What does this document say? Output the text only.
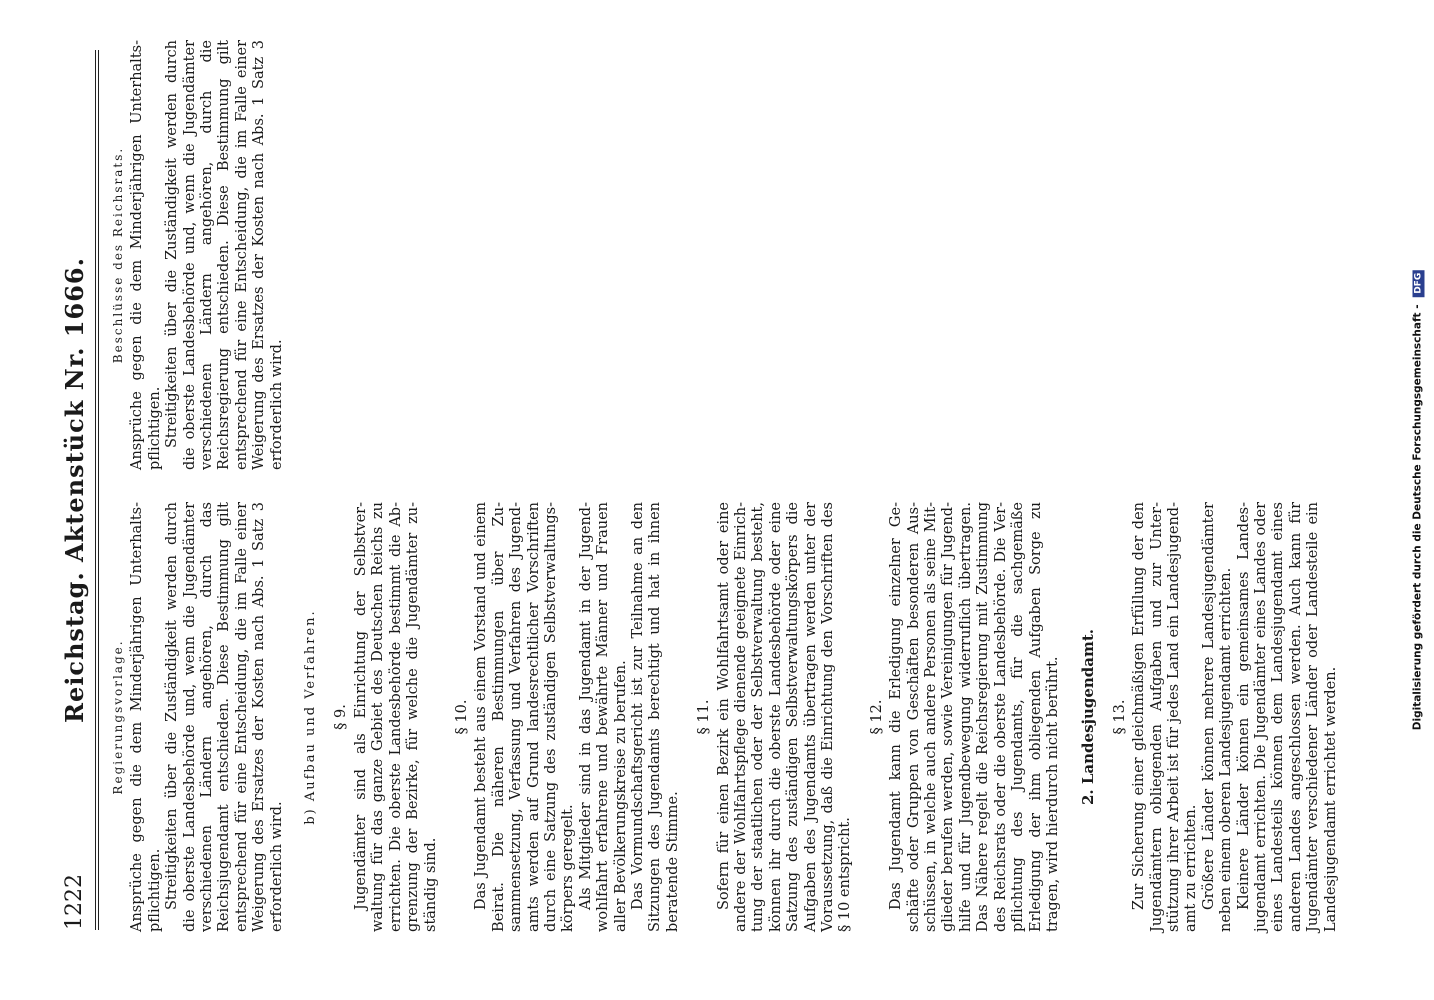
1222
Reichstag. Aktenstück Nr. 1666. Regierungsvorlage. Ansprüche gegen die dem Minderjährigen Unterhaltspflichtigen. Streitigkeiten über die Zuständigkeit werden durch die oberste Landesbehörde und, wenn die Jugendämter verschiedenen Ländern angehören, durch das Reichsjugendamt entschieden. Diese Bestimmung gilt entsprechend für eine Entscheidung, die im Falle einer Weigerung des Ersatzes der Kosten nach Abs. 1 Satz 3 erforderlich wird.

b) Aufbau und Verfahren. § 9. Jugendämter sind als Einrichtung der Selbstverwaltung für das ganze Gebiet des Deutschen Reichs zu errichten. Die oberste Landesbehörde bestimmt die Abgrenzung der Bezirke, für welche die Jugendämter zuständig sind.

§ 10. Das Jugendamt besteht aus einem Vorstand und einem Beirat. Die näheren Bestimmungen über Zusammensetzung, Verfassung und Verfahren des Jugendamts werden auf Grund landesrechtlicher Vorschriften durch eine Satzung des zuständigen Selbstverwaltungskörpers geregelt. Als Mitglieder sind in das Jugendamt in der Jugendwohlfahrt erfahrene und bewährte Männer und Frauen aller Bevölkerungskreise zu berufen. Das Vormundschaftsgericht ist zur Teilnahme an den Sitzungen des Jugendamts berechtigt und hat in ihnen beratende Stimme.

§ 11. Sofern für einen Bezirk ein Wohlfahrtsamt oder eine andere der Wohlfahrtspflege dienende geeignete Einrichtung der staatlichen oder der Selbstverwaltung besteht, können ihr durch die oberste Landesbehörde oder eine Satzung des zuständigen Selbstverwaltungskörpers die Aufgaben des Jugendamts übertragen werden unter der Voraussetzung, daß die Einrichtung den Vorschriften des § 10 entspricht.

§ 12. Das Jugendamt kann die Erledigung einzelner Geschäfte oder Gruppen von Geschäften besonderen Ausschüssen, in welche auch andere Personen als seine Mitglieder berufen werden, sowie Vereinigungen für Jugendhilfe und für Jugendbewegung widerruflich übertragen. Das Nähere regelt die Reichsregierung mit Zustimmung des Reichsrats oder die oberste Landesbehörde. Die Verpflichtung des Jugendamts, für die sachgemäße Erledigung der ihm obliegenden Aufgaben Sorge zu tragen, wird hierdurch nicht berührt. 2. Landesjugendamt. § 13. Zur Sicherung einer gleichmäßigen Erfüllung der den Jugendämtern obliegenden Aufgaben und zur Unterstützung ihrer Arbeit ist für jedes Land ein Landesjugendamt zu errichten. Größere Länder können mehrere Landesjugendämter neben einem oberen Landesjugendamt errichten. Kleinere Länder können ein gemeinsames Landesjugendamt errichten. Die Jugendämter eines Landes oder eines Landesteils können dem Landesjugendamt eines anderen Landes angeschlossen werden. Auch kann für Jugendämter verschiedener Länder oder Landesteile ein Landesjugendamt errichtet werden.

Beschlüsse des Reichsrats. Ansprüche gegen die dem Minderjährigen Unterhaltspflichtigen. Streitigkeiten über die Zuständigkeit werden durch die oberste Landesbehörde und, wenn die Jugendämter verschiedenen Ländern angehören, durch die Reichsregierung entschieden. Diese Bestimmung gilt entsprechend für eine Entscheidung, die im Falle einer Weigerung des Ersatzes der Kosten nach Abs. 1 Satz 3 erforderlich wird.	Digitalisierung gefördert durch die Deutsche Forschungsgemeinschaft - DFG
